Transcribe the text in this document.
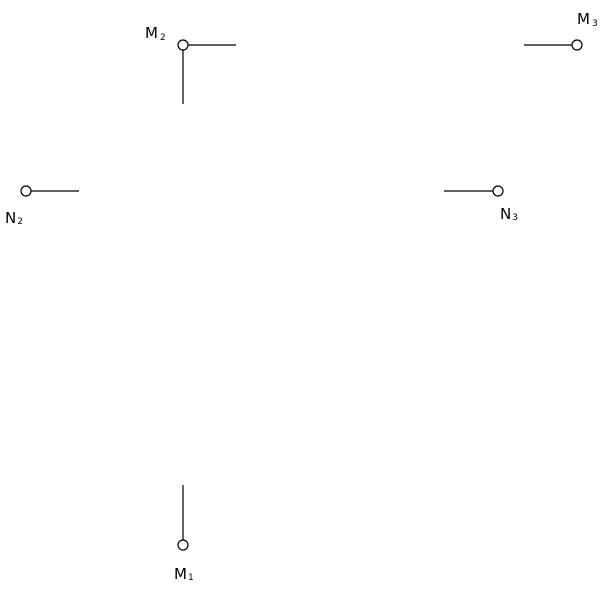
M 2
M 3
N2	N3
M1
